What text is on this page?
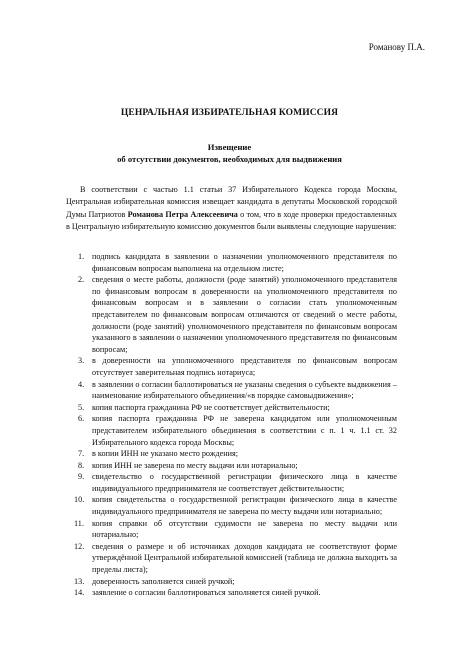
Романову П.А.
ЦЕНРАЛЬНАЯ ИЗБИРАТЕЛЬНАЯ КОМИССИЯ
Извещение
об отсутствии документов, необходимых для выдвижения

В соответствии с частью 1.1 статьи 37 Избирательного Кодекса города Москвы, Центральная избирательная комиссия извещает кандидата в депутаты Московской городской Думы Патриотов Романова Петра Алексеевича о том, что в ходе проверки предоставленных в Центральную избирательную комиссию документов были выявлены следующие нарушения:

1. подпись кандидата в заявлении о назначении уполномоченного представителя по финансовым вопросам выполнена на отдельном листе;
2. сведения о месте работы, должности (роде занятий) уполномоченного представителя по финансовым вопросам в доверенности на уполномоченного представителя по финансовым вопросам и в заявлении о согласии стать уполномоченным представителем по финансовым вопросам отличаются от сведений о месте работы, должности (роде занятий) уполномоченного представителя по финансовым вопросам указанного в заявлении о назначении уполномоченного представителя по финансовым вопросам;
3. в доверенности на уполномоченного представителя по финансовым вопросам отсутствует заверительная подпись нотариуса;
4. в заявлении о согласии баллотироваться не указаны сведения о субъекте выдвижения – наименование избирательного объединения/«в порядке самовыдвижения»;
5. копия паспорта гражданина РФ не соответствует действительности;
6. копия паспорта гражданина РФ не заверена кандидатом или уполномоченным представителем избирательного объединения в соответствии с п. 1 ч. 1.1 ст. 32 Избирательного кодекса города Москвы;
7. в копии ИНН не указано место рождения;
8. копия ИНН не заверена по месту выдачи или нотариально;
9. свидетельство о государственной регистрации физического лица в качестве индивидуального предпринимателя не соответствует действительности;
10. копия свидетельства о государственной регистрации физического лица в качестве индивидуального предпринимателя не заверена по месту выдачи или нотариально;
11. копия справки об отсутствии судимости не заверена по месту выдачи или нотариально;
12. сведения о размере и об источниках доходов кандидата не соответствуют форме утверждённой Центральной избирательной комиссией (таблица не должна выходить за пределы листа);
13. доверенность заполняется синей ручкой;
14. заявление о согласии баллотироваться заполняется синей ручкой.
